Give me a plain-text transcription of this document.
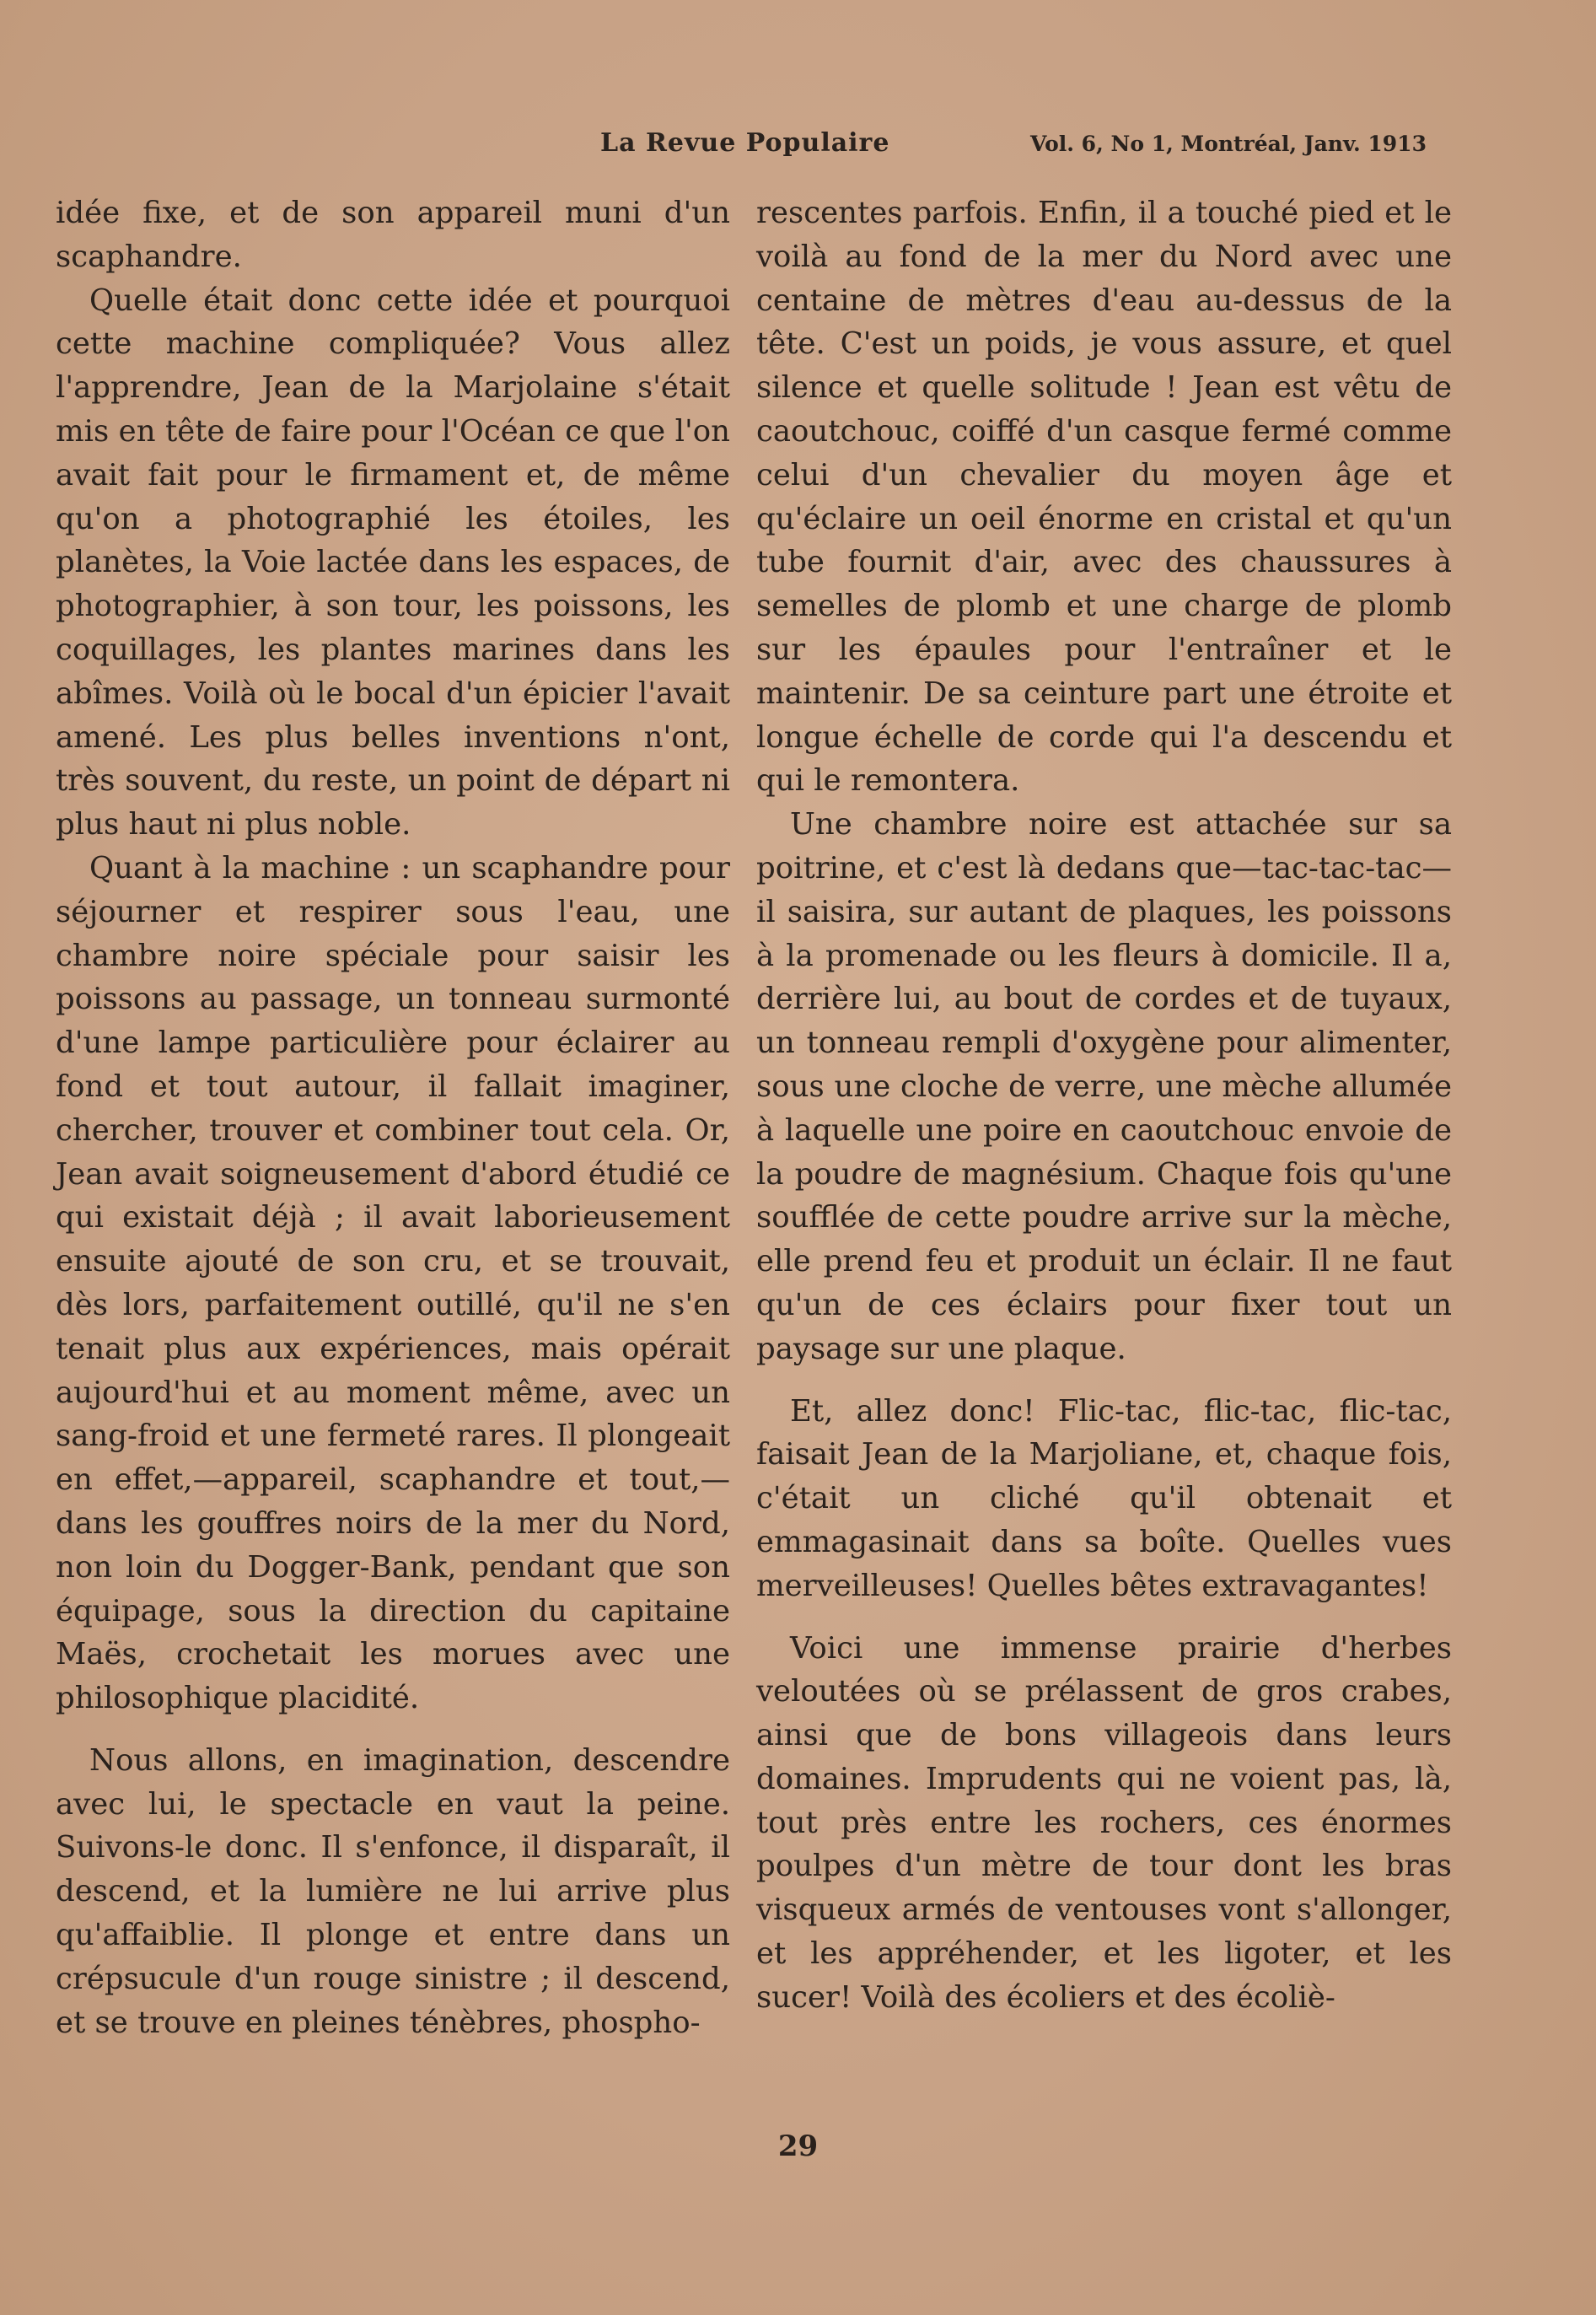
La Revue Populaire	Vol. 6, No 1, Montréal, Janv. 1913

idée fixe, et de son appareil muni d'un scaphandre.

Quelle était donc cette idée et pourquoi cette machine compliquée? Vous allez l'apprendre, Jean de la Marjolaine s'était mis en tête de faire pour l'Océan ce que l'on avait fait pour le firmament et, de même qu'on a photographié les étoiles, les planètes, la Voie lactée dans les espaces, de photographier, à son tour, les poissons, les coquillages, les plantes marines dans les abîmes. Voilà où le bocal d'un épicier l'avait amené. Les plus belles inventions n'ont, très souvent, du reste, un point de départ ni plus haut ni plus noble.

Quant à la machine : un scaphandre pour séjourner et respirer sous l'eau, une chambre noire spéciale pour saisir les poissons au passage, un tonneau surmonté d'une lampe particulière pour éclairer au fond et tout autour, il fallait imaginer, chercher, trouver et combiner tout cela. Or, Jean avait soigneusement d'abord étudié ce qui existait déjà ; il avait laborieusement ensuite ajouté de son cru, et se trouvait, dès lors, parfaitement outillé, qu'il ne s'en tenait plus aux expériences, mais opérait aujourd'hui et au moment même, avec un sang-froid et une fermeté rares. Il plongeait en effet,—appareil, scaphandre et tout,—dans les gouffres noirs de la mer du Nord, non loin du Dogger-Bank, pendant que son équipage, sous la direction du capitaine Maës, crochetait les morues avec une philosophique placidité.

Nous allons, en imagination, descendre avec lui, le spectacle en vaut la peine. Suivons-le donc. Il s'enfonce, il disparaît, il descend, et la lumière ne lui arrive plus qu'affaiblie. Il plonge et entre dans un crépsucule d'un rouge sinistre ; il descend, et se trouve en pleines ténèbres, phospho-

rescentes parfois. Enfin, il a touché pied et le voilà au fond de la mer du Nord avec une centaine de mètres d'eau au-dessus de la tête. C'est un poids, je vous assure, et quel silence et quelle solitude ! Jean est vêtu de caoutchouc, coiffé d'un casque fermé comme celui d'un chevalier du moyen âge et qu'éclaire un oeil énorme en cristal et qu'un tube fournit d'air, avec des chaussures à semelles de plomb et une charge de plomb sur les épaules pour l'entraîner et le maintenir. De sa ceinture part une étroite et longue échelle de corde qui l'a descendu et qui le remontera.

Une chambre noire est attachée sur sa poitrine, et c'est là dedans que—tac-tac-tac—il saisira, sur autant de plaques, les poissons à la promenade ou les fleurs à domicile. Il a, derrière lui, au bout de cordes et de tuyaux, un tonneau rempli d'oxygène pour alimenter, sous une cloche de verre, une mèche allumée à laquelle une poire en caoutchouc envoie de la poudre de magnésium. Chaque fois qu'une soufflée de cette poudre arrive sur la mèche, elle prend feu et produit un éclair. Il ne faut qu'un de ces éclairs pour fixer tout un paysage sur une plaque.

Et, allez donc! Flic-tac, flic-tac, flic-tac, faisait Jean de la Marjoliane, et, chaque fois, c'était un cliché qu'il obtenait et emmagasinait dans sa boîte. Quelles vues merveilleuses! Quelles bêtes extravagantes!

Voici une immense prairie d'herbes veloutées où se prélassent de gros crabes, ainsi que de bons villageois dans leurs domaines. Imprudents qui ne voient pas, là, tout près entre les rochers, ces énormes poulpes d'un mètre de tour dont les bras visqueux armés de ventouses vont s'allonger, et les appréhender, et les ligoter, et les sucer! Voilà des écoliers et des écoliè-

29
